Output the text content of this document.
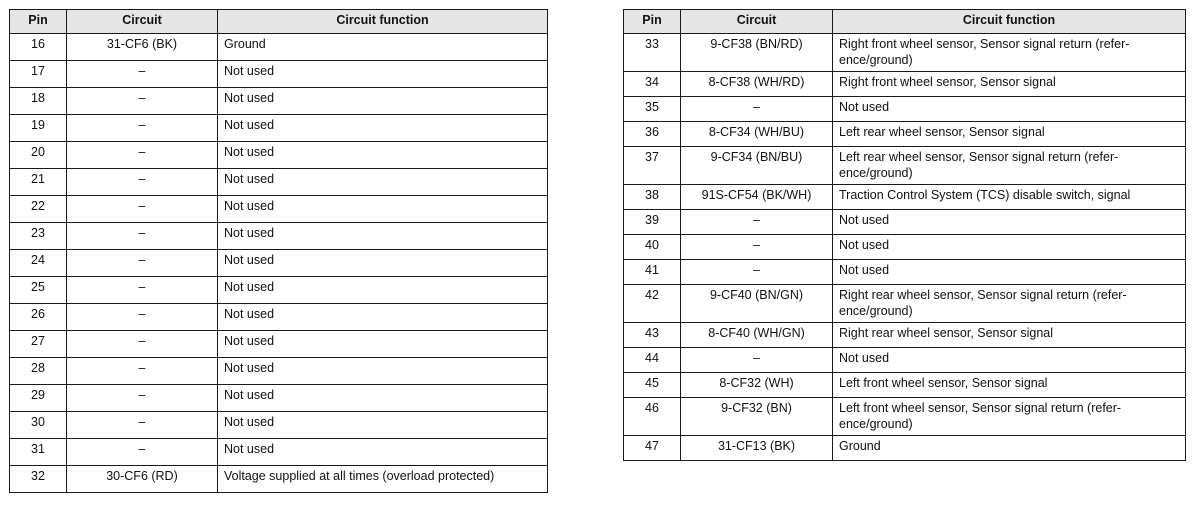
Pin	Circuit	Circuit function
16	31-CF6 (BK)	Ground
17	–	Not used
18	–	Not used
19	–	Not used
20	–	Not used
21	–	Not used
22	–	Not used
23	–	Not used
24	–	Not used
25	–	Not used
26	–	Not used
27	–	Not used
28	–	Not used
29	–	Not used
30	–	Not used
31	–	Not used
32	30-CF6 (RD)	Voltage supplied at all times (overload protected)
Pin	Circuit	Circuit function
33	9-CF38 (BN/RD)	Right front wheel sensor, Sensor signal return (refer-ence/ground)
34	8-CF38 (WH/RD)	Right front wheel sensor, Sensor signal
35	–	Not used
36	8-CF34 (WH/BU)	Left rear wheel sensor, Sensor signal
37	9-CF34 (BN/BU)	Left rear wheel sensor, Sensor signal return (refer-ence/ground)
38	91S-CF54 (BK/WH)	Traction Control System (TCS) disable switch, signal
39	–	Not used
40	–	Not used
41	–	Not used
42	9-CF40 (BN/GN)	Right rear wheel sensor, Sensor signal return (refer-ence/ground)
43	8-CF40 (WH/GN)	Right rear wheel sensor, Sensor signal
44	–	Not used
45	8-CF32 (WH)	Left front wheel sensor, Sensor signal
46	9-CF32 (BN)	Left front wheel sensor, Sensor signal return (refer-ence/ground)
47	31-CF13 (BK)	Ground
